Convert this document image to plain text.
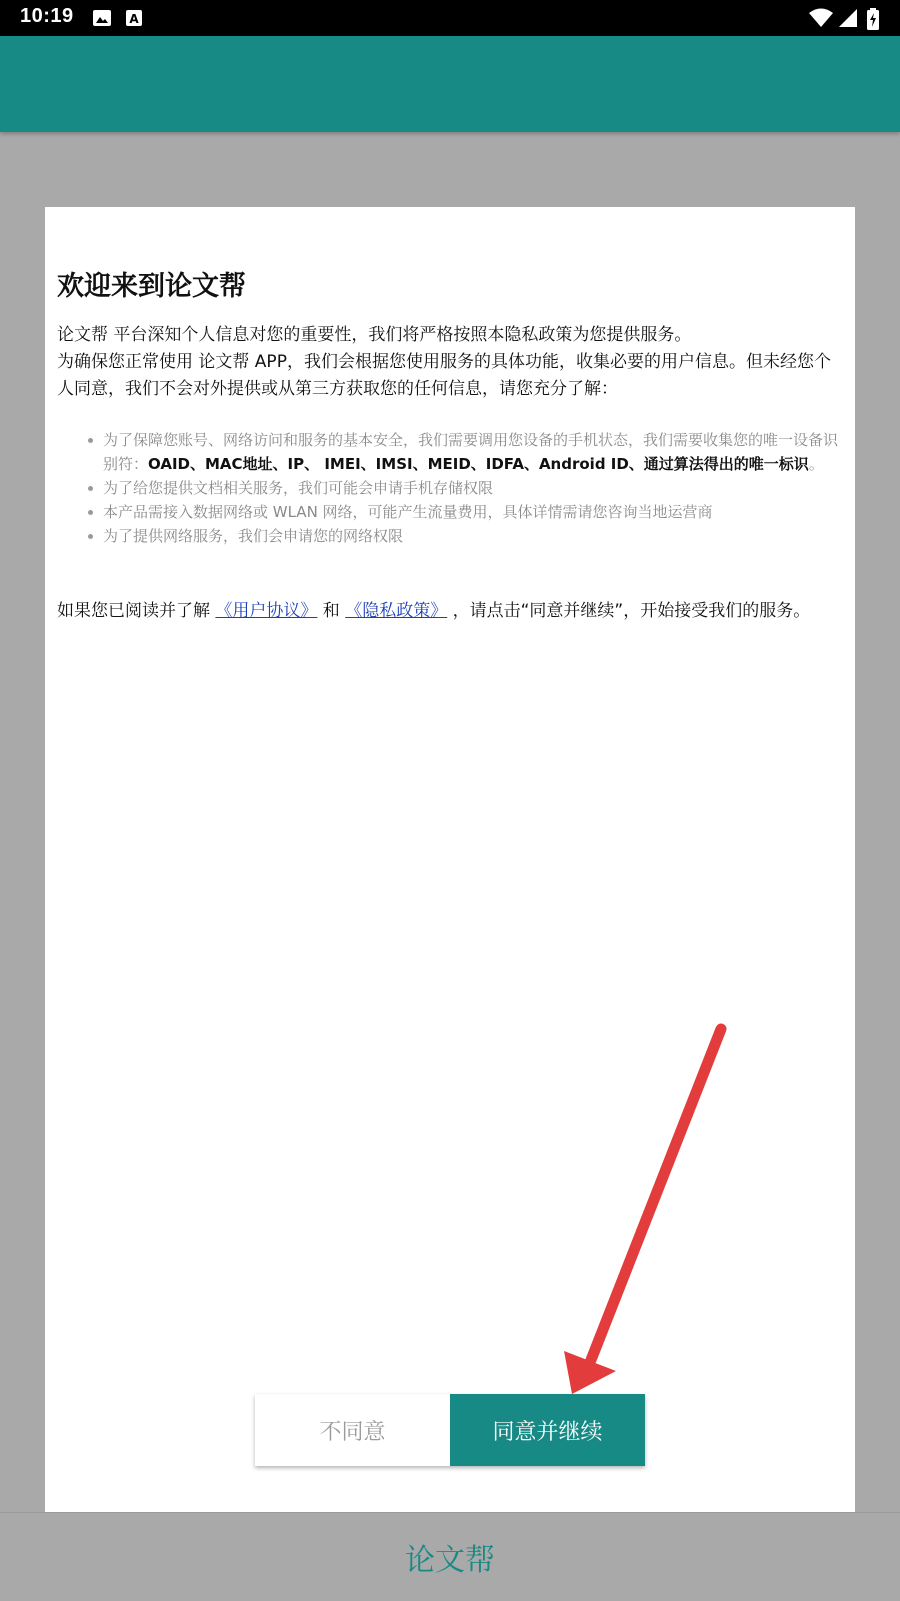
10:19	A
欢迎来到论文帮

论文帮 平台深知个人信息对您的重要性，我们将严格按照本隐私政策为您提供服务。

为确保您正常使用 论文帮 APP，我们会根据您使用服务的具体功能，收集必要的用户信息。但未经您个人同意，我们不会对外提供或从第三方获取您的任何信息，请您充分了解：

为了保障您账号、网络访问和服务的基本安全，我们需要调用您设备的手机状态，我们需要收集您的唯一设备识别符：OAID、MAC地址、IP、 IMEI、IMSI、MEID、IDFA、Android ID、通过算法得出的唯一标识。
为了给您提供文档相关服务，我们可能会申请手机存储权限
本产品需接入数据网络或 WLAN 网络，可能产生流量费用，具体详情需请您咨询当地运营商
为了提供网络服务，我们会申请您的网络权限
如果您已阅读并了解 《用户协议》 和 《隐私政策》 ，请点击“同意并继续”，开始接受我们的服务。
不同意	同意并继续
论文帮
